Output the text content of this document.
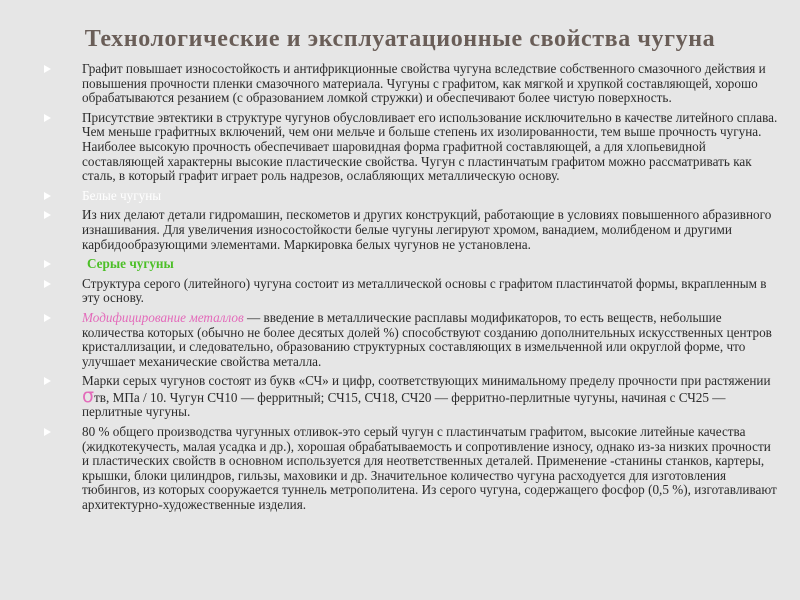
Технологические и эксплуатационные свойства чугуна
Графит повышает износостойкость и антифрикционные свойства чугуна вследствие собственного смазочного действия и повышения прочности пленки смазочного материала. Чугуны с графитом, как мягкой и хрупкой составляющей, хорошо обрабатываются резанием (с образованием ломкой стружки) и обеспечивают более чистую поверхность.
Присутствие эвтектики в структуре чугунов обусловливает его использование исключительно в качестве литейного сплава. Чем меньше графитных включений, чем они мельче и больше степень их изолированности, тем выше прочность чугуна. Наиболее высокую прочность обеспечивает шаровидная форма графитной составляющей, а для хлопьевидной составляющей характерны высокие пластические свойства. Чугун с пластинчатым графитом можно рассматривать как сталь, в который графит играет роль надрезов, ослабляющих металлическую основу.
Белые чугуны
Из них делают детали гидромашин, пескометов и других конструкций, работающие в условиях повышенного абразивного изнашивания. Для увеличения износостойкости белые чугуны легируют хромом, ванадием, молибденом и другими карбидообразующими элементами. Маркировка белых чугунов не установлена.
Серые чугуны
Структура серого (литейного) чугуна состоит из металлической основы с графитом пластинчатой формы, вкрапленным в эту основу.
Модифицирование металлов — введение в металлические расплавы модификаторов, то есть веществ, небольшие количества которых (обычно не более десятых долей %) способствуют созданию дополнительных искусственных центров кристаллизации, и следовательно, образованию структурных составляющих в измельченной или округлой форме, что улучшает механические свойства металла.
Марки серых чугунов состоят из букв «СЧ» и цифр, соответствующих минимальному пределу прочности при растяжении σтв, МПа / 10. Чугун СЧ10 — ферритный; СЧ15, СЧ18, СЧ20 — ферритно-перлитные чугуны, начиная с СЧ25 — перлитные чугуны.
80 % общего производства чугунных отливок-это серый чугун с пластинчатым графитом, высокие литейные качества (жидкотекучесть, малая усадка и др.), хорошая обрабатываемость и сопротивление износу, однако из-за низких прочности и пластических свойств в основном используется для неответственных деталей. Применение -станины станков, картеры, крышки, блоки цилиндров, гильзы, маховики и др. Значительное количество чугуна расходуется для изготовления тюбингов, из которых сооружается туннель метрополитена. Из серого чугуна, содержащего фосфор (0,5 %), изготавливают архитектурно-художественные изделия.
